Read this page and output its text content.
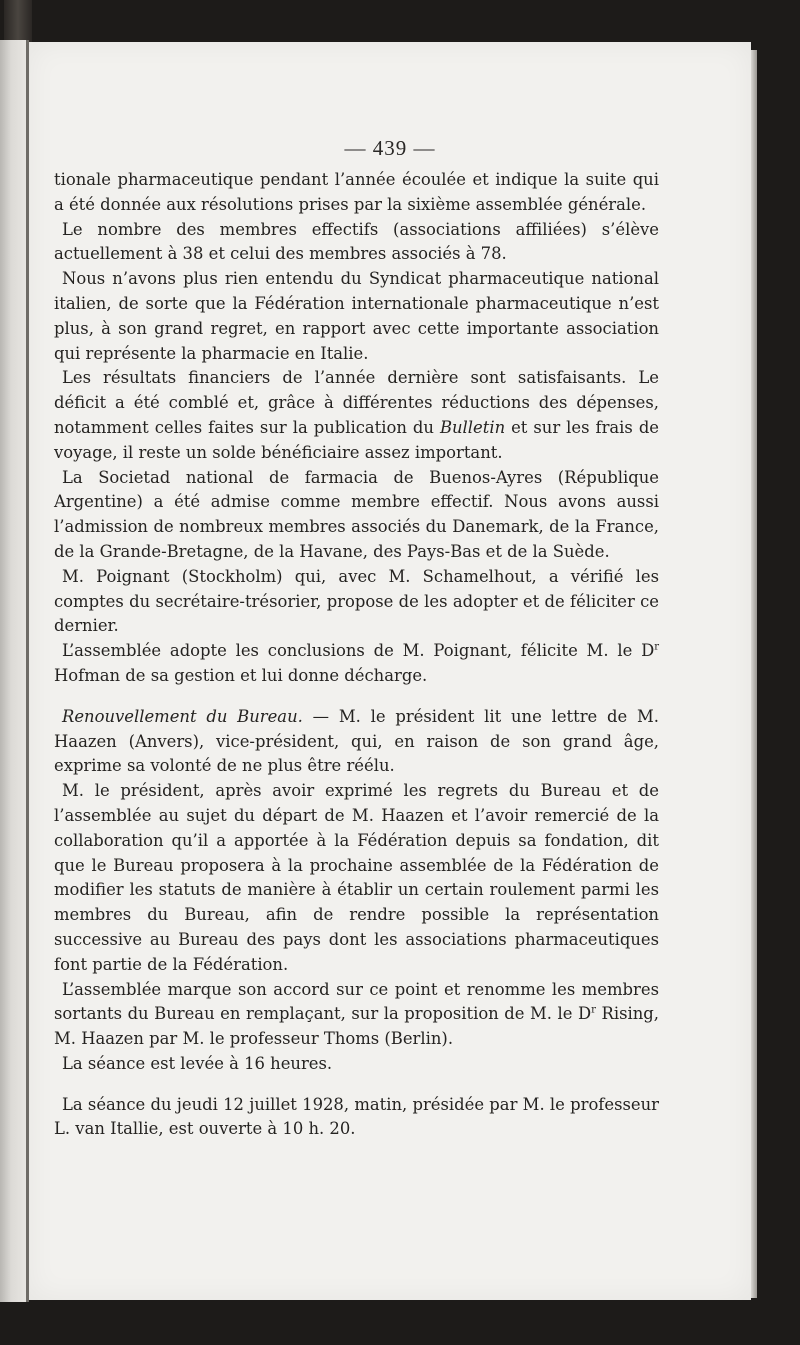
— 439 —

tionale pharmaceutique pendant l’année écoulée et indique la suite qui a été donnée aux résolutions prises par la sixième assemblée générale.

Le nombre des membres effectifs (associations affiliées) s’élève actuellement à 38 et celui des membres associés à 78.

Nous n’avons plus rien entendu du Syndicat pharmaceutique national italien, de sorte que la Fédération internationale pharmaceutique n’est plus, à son grand regret, en rapport avec cette importante association qui représente la pharmacie en Italie.

Les résultats financiers de l’année dernière sont satisfaisants. Le déficit a été comblé et, grâce à différentes réductions des dépenses, notamment celles faites sur la publication du Bulletin et sur les frais de voyage, il reste un solde bénéficiaire assez important.

La Societad national de farmacia de Buenos-Ayres (République Argentine) a été admise comme membre effectif. Nous avons aussi l’admission de nombreux membres associés du Danemark, de la France, de la Grande-Bretagne, de la Havane, des Pays-Bas et de la Suède.

M. Poignant (Stockholm) qui, avec M. Schamelhout, a vérifié les comptes du secrétaire-trésorier, propose de les adopter et de féliciter ce dernier.

L’assemblée adopte les conclusions de M. Poignant, félicite M. le $D^r$ Hofman de sa gestion et lui donne décharge.

Renouvellement du Bureau. — M. le président lit une lettre de M. Haazen (Anvers), vice-président, qui, en raison de son grand âge, exprime sa volonté de ne plus être réélu.

M. le président, après avoir exprimé les regrets du Bureau et de l’assemblée au sujet du départ de M. Haazen et l’avoir remercié de la collaboration qu’il a apportée à la Fédération depuis sa fondation, dit que le Bureau proposera à la prochaine assemblée de la Fédération de modifier les statuts de manière à établir un certain roulement parmi les membres du Bureau, afin de rendre possible la représentation successive au Bureau des pays dont les associations pharmaceutiques font partie de la Fédération.

L’assemblée marque son accord sur ce point et renomme les membres sortants du Bureau en remplaçant, sur la proposition de M. le $D^r$ Rising, M. Haazen par M. le professeur Thoms (Berlin).

La séance est levée à 16 heures.

La séance du jeudi 12 juillet 1928, matin, présidée par M. le professeur L. van Itallie, est ouverte à 10 h. 20.
